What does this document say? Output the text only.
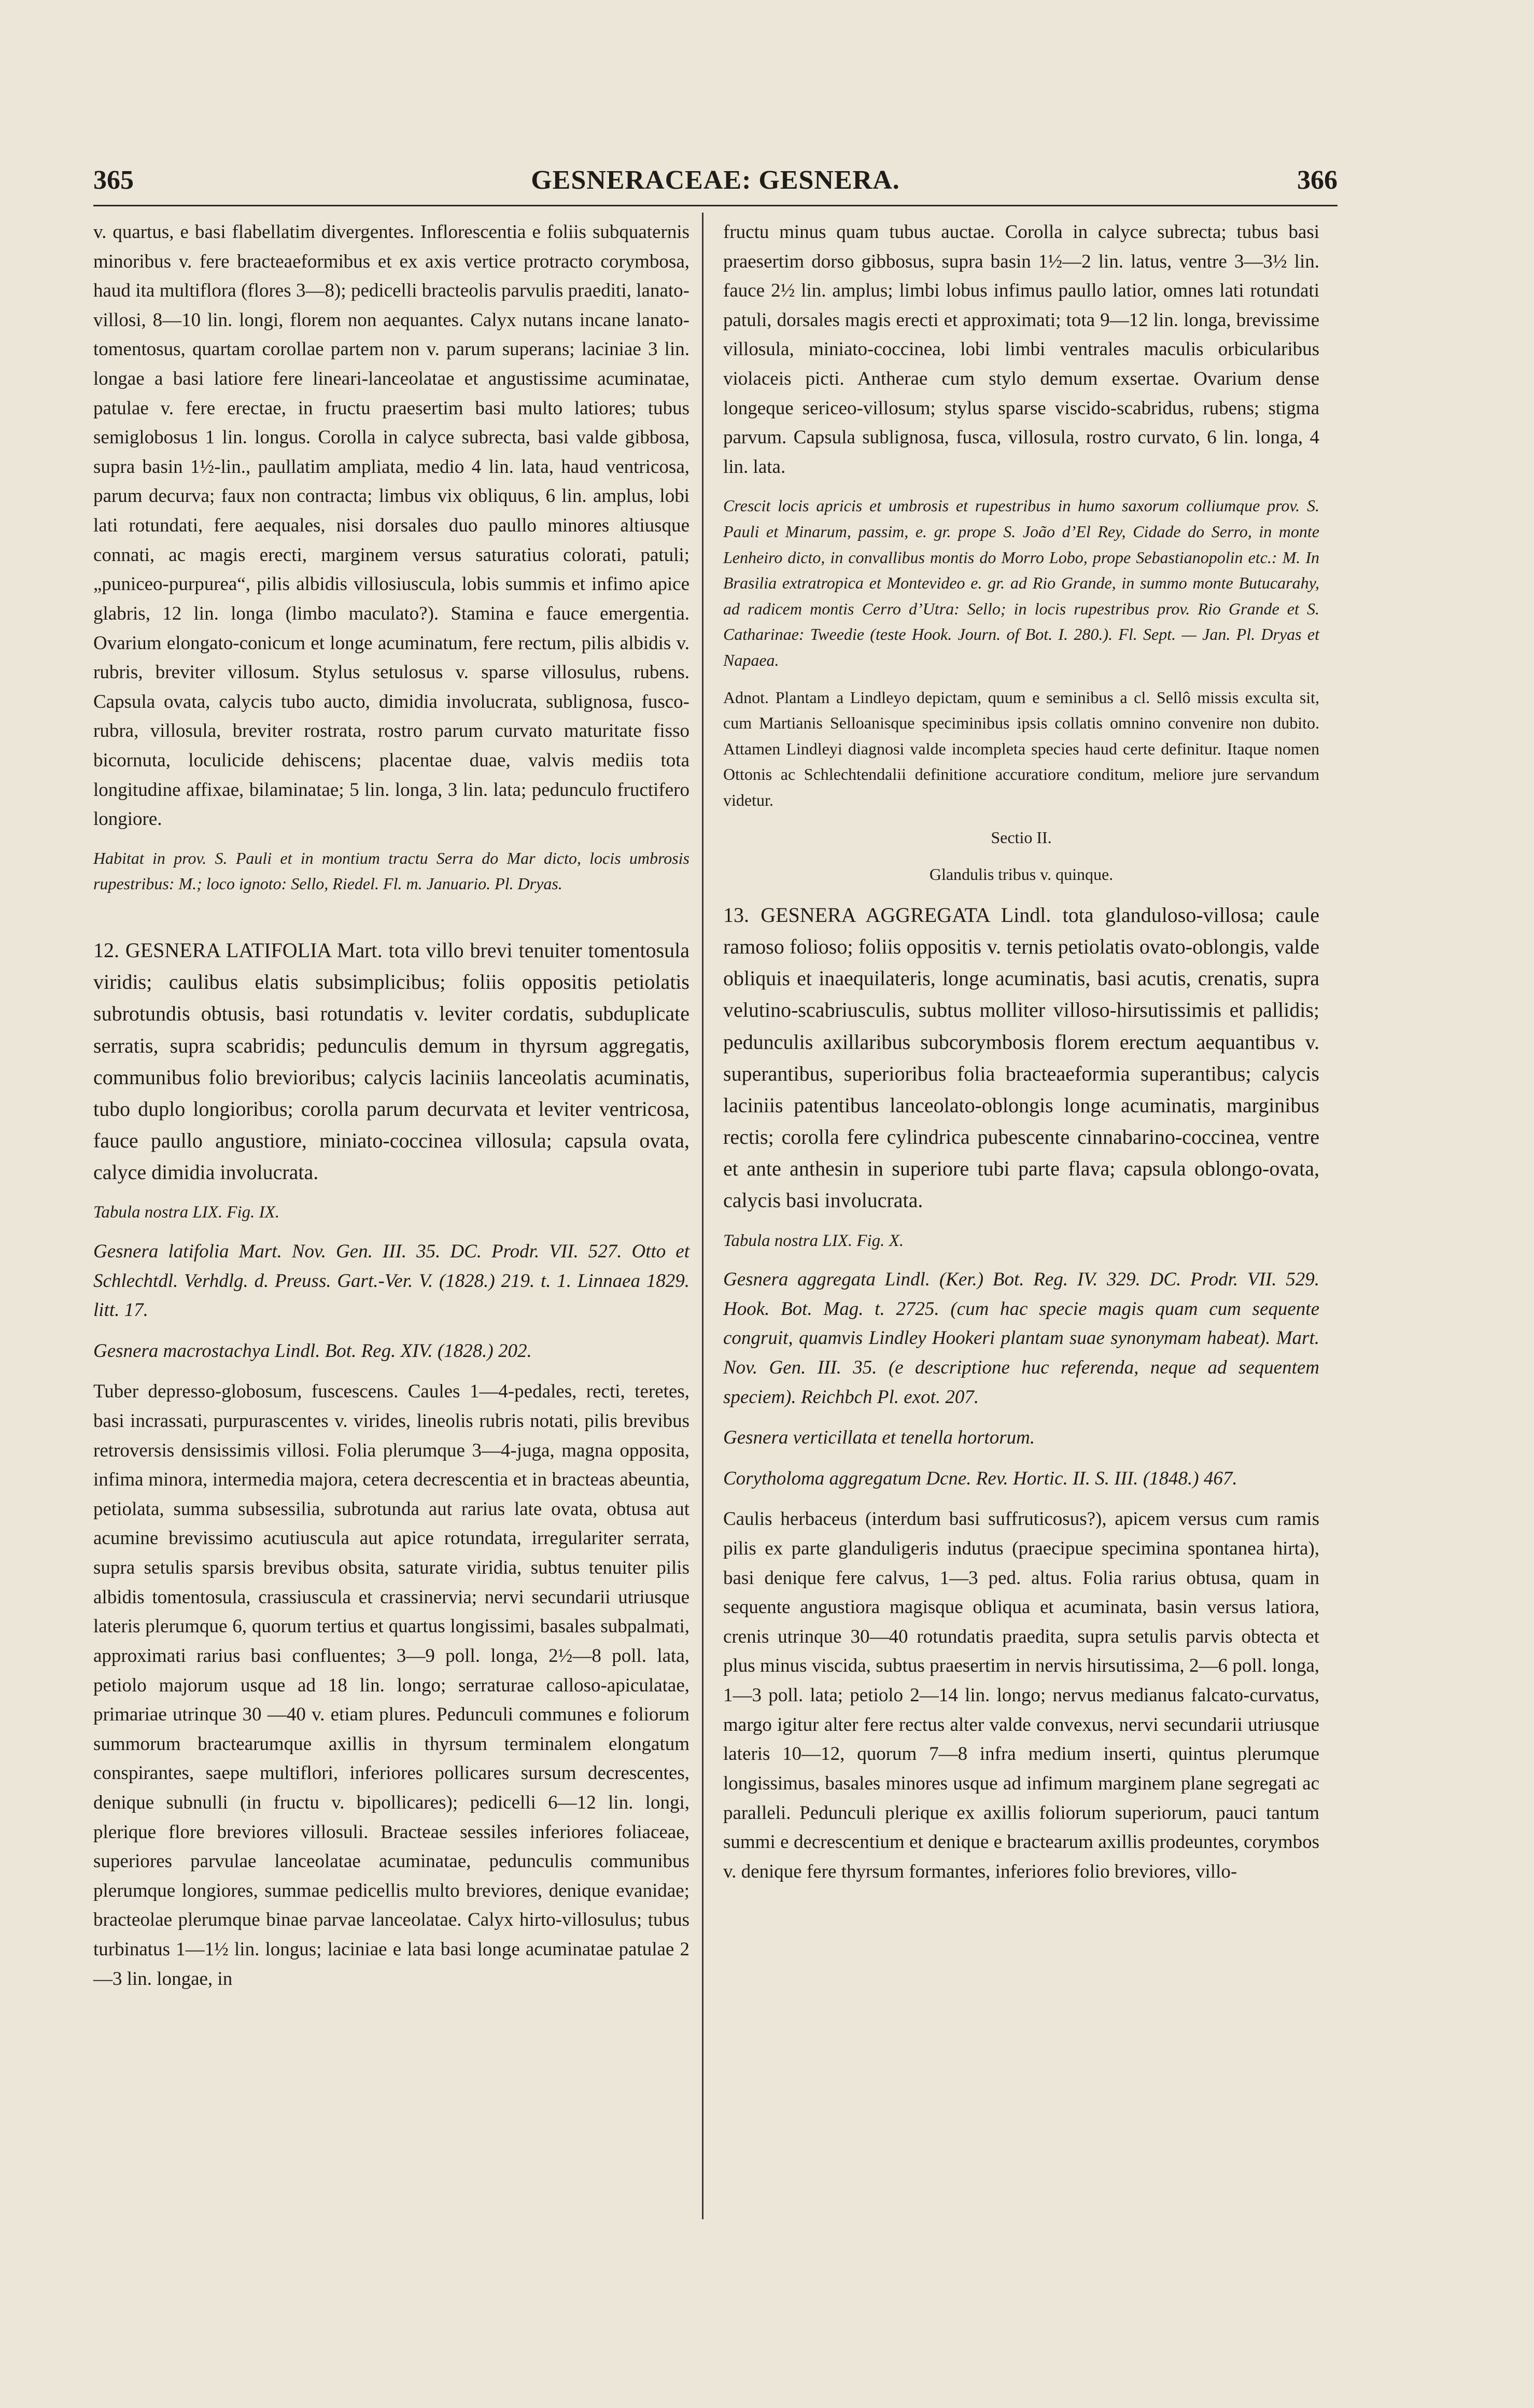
365	GESNERACEAE: GESNERA.	366

v. quartus, e basi flabellatim divergentes. Inflorescentia e foliis subquaternis minoribus v. fere bracteaeformibus et ex axis vertice protracto corymbosa, haud ita multiflora (flores 3—8); pedicelli bracteolis parvulis praediti, lanato-villosi, 8—10 lin. longi, florem non aequantes. Calyx nutans incane lanato-tomentosus, quartam corollae partem non v. parum superans; laciniae 3 lin. longae a basi latiore fere lineari-lanceolatae et angustissime acuminatae, patulae v. fere erectae, in fructu praesertim basi multo latiores; tubus semiglobosus 1 lin. longus. Corolla in calyce subrecta, basi valde gibbosa, supra basin 1½-lin., paullatim ampliata, medio 4 lin. lata, haud ventricosa, parum decurva; faux non contracta; limbus vix obliquus, 6 lin. amplus, lobi lati rotundati, fere aequales, nisi dorsales duo paullo minores altiusque connati, ac magis erecti, marginem versus saturatius colorati, patuli; „puniceo-purpurea“, pilis albidis villosiuscula, lobis summis et infimo apice glabris, 12 lin. longa (limbo maculato?). Stamina e fauce emergentia. Ovarium elongato-conicum et longe acuminatum, fere rectum, pilis albidis v. rubris, breviter villosum. Stylus setulosus v. sparse villosulus, rubens. Capsula ovata, calycis tubo aucto, dimidia involucrata, sublignosa, fusco-rubra, villosula, breviter rostrata, rostro parum curvato maturitate fisso bicornuta, loculicide dehiscens; placentae duae, valvis mediis tota longitudine affixae, bilaminatae; 5 lin. longa, 3 lin. lata; pedunculo fructifero longiore.

Habitat in prov. S. Pauli et in montium tractu Serra do Mar dicto, locis umbrosis rupestribus: M.; loco ignoto: Sello, Riedel. Fl. m. Januario. Pl. Dryas.

12. GESNERA LATIFOLIA Mart. tota villo brevi tenuiter tomentosula viridis; caulibus elatis subsimplicibus; foliis oppositis petiolatis subrotundis obtusis, basi rotundatis v. leviter cordatis, subduplicate serratis, supra scabridis; pedunculis demum in thyrsum aggregatis, communibus folio brevioribus; calycis laciniis lanceolatis acuminatis, tubo duplo longioribus; corolla parum decurvata et leviter ventricosa, fauce paullo angustiore, miniato-coccinea villosula; capsula ovata, calyce dimidia involucrata.

Tabula nostra LIX. Fig. IX.

Gesnera latifolia Mart. Nov. Gen. III. 35. DC. Prodr. VII. 527. Otto et Schlechtdl. Verhdlg. d. Preuss. Gart.-Ver. V. (1828.) 219. t. 1. Linnaea 1829. litt. 17.

Gesnera macrostachya Lindl. Bot. Reg. XIV. (1828.) 202.

Tuber depresso-globosum, fuscescens. Caules 1—4-pedales, recti, teretes, basi incrassati, purpurascentes v. virides, lineolis rubris notati, pilis brevibus retroversis densissimis villosi. Folia plerumque 3—4-juga, magna opposita, infima minora, intermedia majora, cetera decrescentia et in bracteas abeuntia, petiolata, summa subsessilia, subrotunda aut rarius late ovata, obtusa aut acumine brevissimo acutiuscula aut apice rotundata, irregulariter serrata, supra setulis sparsis brevibus obsita, saturate viridia, subtus tenuiter pilis albidis tomentosula, crassiuscula et crassinervia; nervi secundarii utriusque lateris plerumque 6, quorum tertius et quartus longissimi, basales subpalmati, approximati rarius basi confluentes; 3—9 poll. longa, 2½—8 poll. lata, petiolo majorum usque ad 18 lin. longo; serraturae calloso-apiculatae, primariae utrinque 30 —40 v. etiam plures. Pedunculi communes e foliorum summorum bractearumque axillis in thyrsum terminalem elongatum conspirantes, saepe multiflori, inferiores pollicares sursum decrescentes, denique subnulli (in fructu v. bipollicares); pedicelli 6—12 lin. longi, plerique flore breviores villosuli. Bracteae sessiles inferiores foliaceae, superiores parvulae lanceolatae acuminatae, pedunculis communibus plerumque longiores, summae pedicellis multo breviores, denique evanidae; bracteolae plerumque binae parvae lanceolatae. Calyx hirto-villosulus; tubus turbinatus 1—1½ lin. longus; laciniae e lata basi longe acuminatae patulae 2—3 lin. longae, in

fructu minus quam tubus auctae. Corolla in calyce subrecta; tubus basi praesertim dorso gibbosus, supra basin 1½—2 lin. latus, ventre 3—3½ lin. fauce 2½ lin. amplus; limbi lobus infimus paullo latior, omnes lati rotundati patuli, dorsales magis erecti et approximati; tota 9—12 lin. longa, brevissime villosula, miniato-coccinea, lobi limbi ventrales maculis orbicularibus violaceis picti. Antherae cum stylo demum exsertae. Ovarium dense longeque sericeo-villosum; stylus sparse viscido-scabridus, rubens; stigma parvum. Capsula sublignosa, fusca, villosula, rostro curvato, 6 lin. longa, 4 lin. lata.

Crescit locis apricis et umbrosis et rupestribus in humo saxorum colliumque prov. S. Pauli et Minarum, passim, e. gr. prope S. João d’El Rey, Cidade do Serro, in monte Lenheiro dicto, in convallibus montis do Morro Lobo, prope Sebastianopolin etc.: M. In Brasilia extratropica et Montevideo e. gr. ad Rio Grande, in summo monte Butucarahy, ad radicem montis Cerro d’Utra: Sello; in locis rupestribus prov. Rio Grande et S. Catharinae: Tweedie (teste Hook. Journ. of Bot. I. 280.). Fl. Sept. — Jan. Pl. Dryas et Napaea.

Adnot. Plantam a Lindleyo depictam, quum e seminibus a cl. Sellô missis exculta sit, cum Martianis Selloanisque speciminibus ipsis collatis omnino convenire non dubito. Attamen Lindleyi diagnosi valde incompleta species haud certe definitur. Itaque nomen Ottonis ac Schlechtendalii definitione accuratiore conditum, meliore jure servandum videtur.

Sectio II.

Glandulis tribus v. quinque.

13. GESNERA AGGREGATA Lindl. tota glanduloso-villosa; caule ramoso folioso; foliis oppositis v. ternis petiolatis ovato-oblongis, valde obliquis et inaequilateris, longe acuminatis, basi acutis, crenatis, supra velutino-scabriusculis, subtus molliter villoso-hirsutissimis et pallidis; pedunculis axillaribus subcorymbosis florem erectum aequantibus v. superantibus, superioribus folia bracteaeformia superantibus; calycis laciniis patentibus lanceolato-oblongis longe acuminatis, marginibus rectis; corolla fere cylindrica pubescente cinnabarino-coccinea, ventre et ante anthesin in superiore tubi parte flava; capsula oblongo-ovata, calycis basi involucrata.

Tabula nostra LIX. Fig. X.

Gesnera aggregata Lindl. (Ker.) Bot. Reg. IV. 329. DC. Prodr. VII. 529. Hook. Bot. Mag. t. 2725. (cum hac specie magis quam cum sequente congruit, quamvis Lindley Hookeri plantam suae synonymam habeat). Mart. Nov. Gen. III. 35. (e descriptione huc referenda, neque ad sequentem speciem). Reichbch Pl. exot. 207.

Gesnera verticillata et tenella hortorum.

Corytholoma aggregatum Dcne. Rev. Hortic. II. S. III. (1848.) 467.

Caulis herbaceus (interdum basi suffruticosus?), apicem versus cum ramis pilis ex parte glanduligeris indutus (praecipue specimina spontanea hirta), basi denique fere calvus, 1—3 ped. altus. Folia rarius obtusa, quam in sequente angustiora magisque obliqua et acuminata, basin versus latiora, crenis utrinque 30—40 rotundatis praedita, supra setulis parvis obtecta et plus minus viscida, subtus praesertim in nervis hirsutissima, 2—6 poll. longa, 1—3 poll. lata; petiolo 2—14 lin. longo; nervus medianus falcato-curvatus, margo igitur alter fere rectus alter valde convexus, nervi secundarii utriusque lateris 10—12, quorum 7—8 infra medium inserti, quintus plerumque longissimus, basales minores usque ad infimum marginem plane segregati ac paralleli. Pedunculi plerique ex axillis foliorum superiorum, pauci tantum summi e decrescentium et denique e bractearum axillis prodeuntes, corymbos v. denique fere thyrsum formantes, inferiores folio breviores, villo-
